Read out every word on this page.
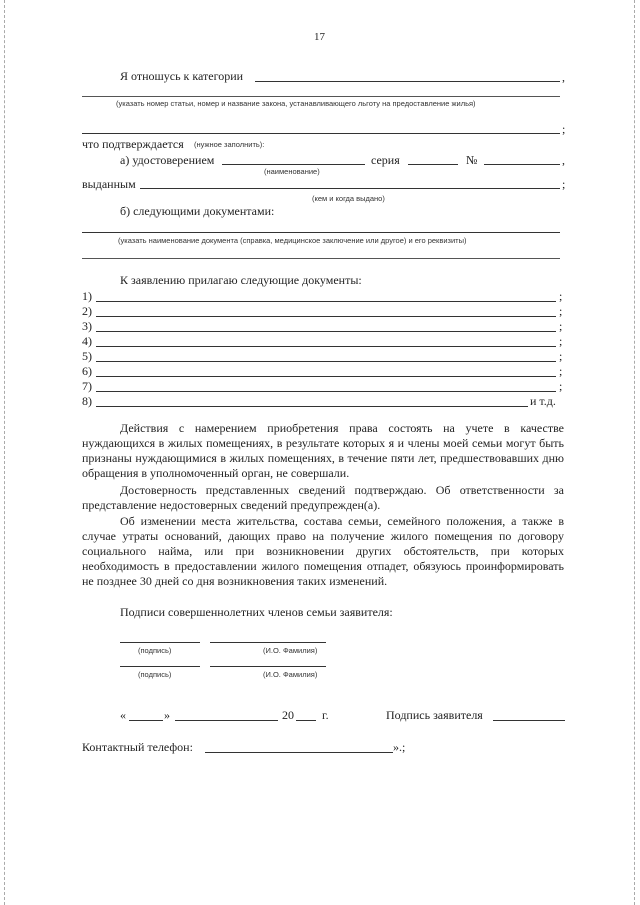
17
Я отношусь к категории	,
(указать номер статьи, номер и название закона, устанавливающего льготу на предоставление жилья)
;
что подтверждается (нужное заполнить):
а) удостоверением
(наименование)
серия	№	,
выданным	;
(кем и когда выдано)
б) следующими документами:
(указать наименование документа (справка, медицинское заключение или другое) и его реквизиты)
К заявлению прилагаю следующие документы:
1)	;
2)	;
3)	;
4)	;
5)	;
6)	;
7)	;
8)	и т.д.
Действия с намерением приобретения права состоять на учете в качестве нуждающихся в жилых помещениях, в результате которых я и члены моей семьи могут быть признаны нуждающимися в жилых помещениях, в течение пяти лет, предшествовавших дню обращения в уполномоченный орган, не совершали.
Достоверность представленных сведений подтверждаю. Об ответственности за представление недостоверных сведений предупрежден(а).
Об изменении места жительства, состава семьи, семейного положения, а также в случае утраты оснований, дающих право на получение жилого помещения по договору социального найма, или при возникновении других обстоятельств, при которых необходимость в предоставлении жилого помещения отпадет, обязуюсь проинформировать не позднее 30 дней со дня возникновения таких изменений.
Подписи совершеннолетних членов семьи заявителя:
(подпись)	(И.О. Фамилия)
(подпись)	(И.О. Фамилия)
«	»	20 г.	Подпись заявителя
Контактный телефон:	».;
